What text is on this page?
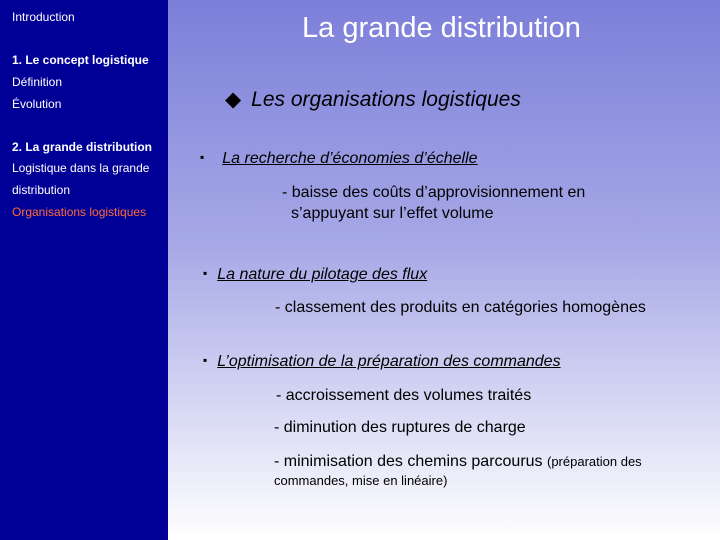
Introduction
1. Le concept logistique
Définition
Évolution
2. La grande distribution
Logistique dans la grande
distribution
Organisations logistiques
La grande distribution
◆ Les organisations logistiques
▪ La recherche d’économies d’échelle
- baisse des coûts d’approvisionnement en
s’appuyant sur l’effet volume
▪ La nature du pilotage des flux
- classement des produits en catégories homogènes
▪ L’optimisation de la préparation des commandes
- accroissement des volumes traités
- diminution des ruptures de charge
- minimisation des chemins parcourus (préparation des
commandes, mise en linéaire)
